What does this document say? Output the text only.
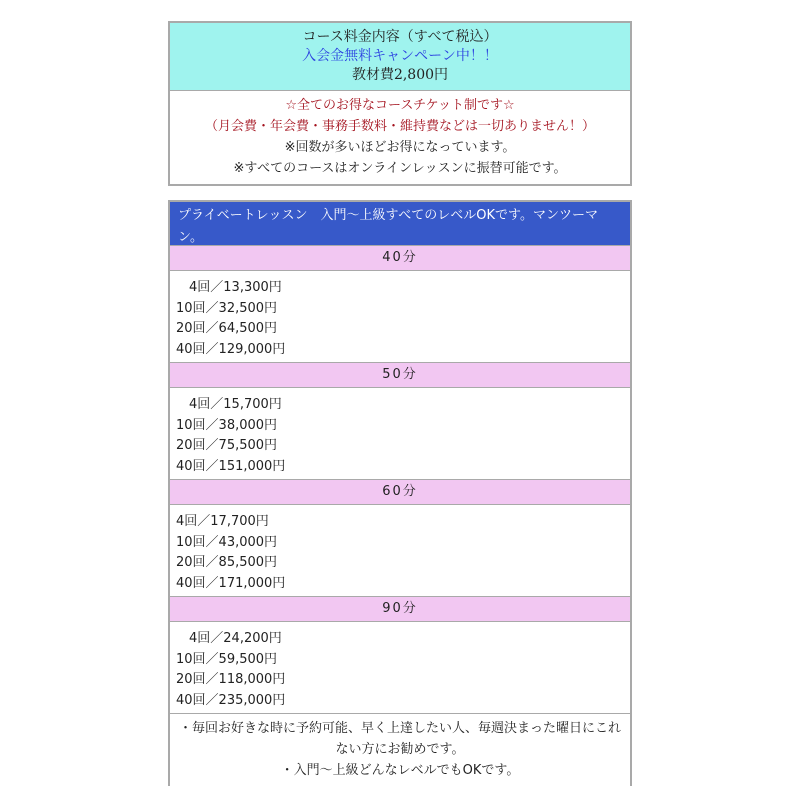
コース料金内容（すべて税込）
入会金無料キャンペーン中！！
教材費2,800円
☆全てのお得なコースチケット制です☆
（月会費・年会費・事務手数料・維持費などは一切ありません！）
※回数が多いほどお得になっています。
※すべてのコースはオンラインレッスンに振替可能です。
プライベートレッスン　入門〜上級すべてのレベルOKです。マンツーマン。
40分
　4回／13,300円
10回／32,500円
20回／64,500円
40回／129,000円
50分
　4回／15,700円
10回／38,000円
20回／75,500円
40回／151,000円
60分
4回／17,700円
10回／43,000円
20回／85,500円
40回／171,000円
90分
　4回／24,200円
10回／59,500円
20回／118,000円
40回／235,000円
・毎回お好きな時に予約可能、早く上達したい人、毎週決まった曜日にこれない方にお勧めです。
・入門〜上級どんなレベルでもOKです。
